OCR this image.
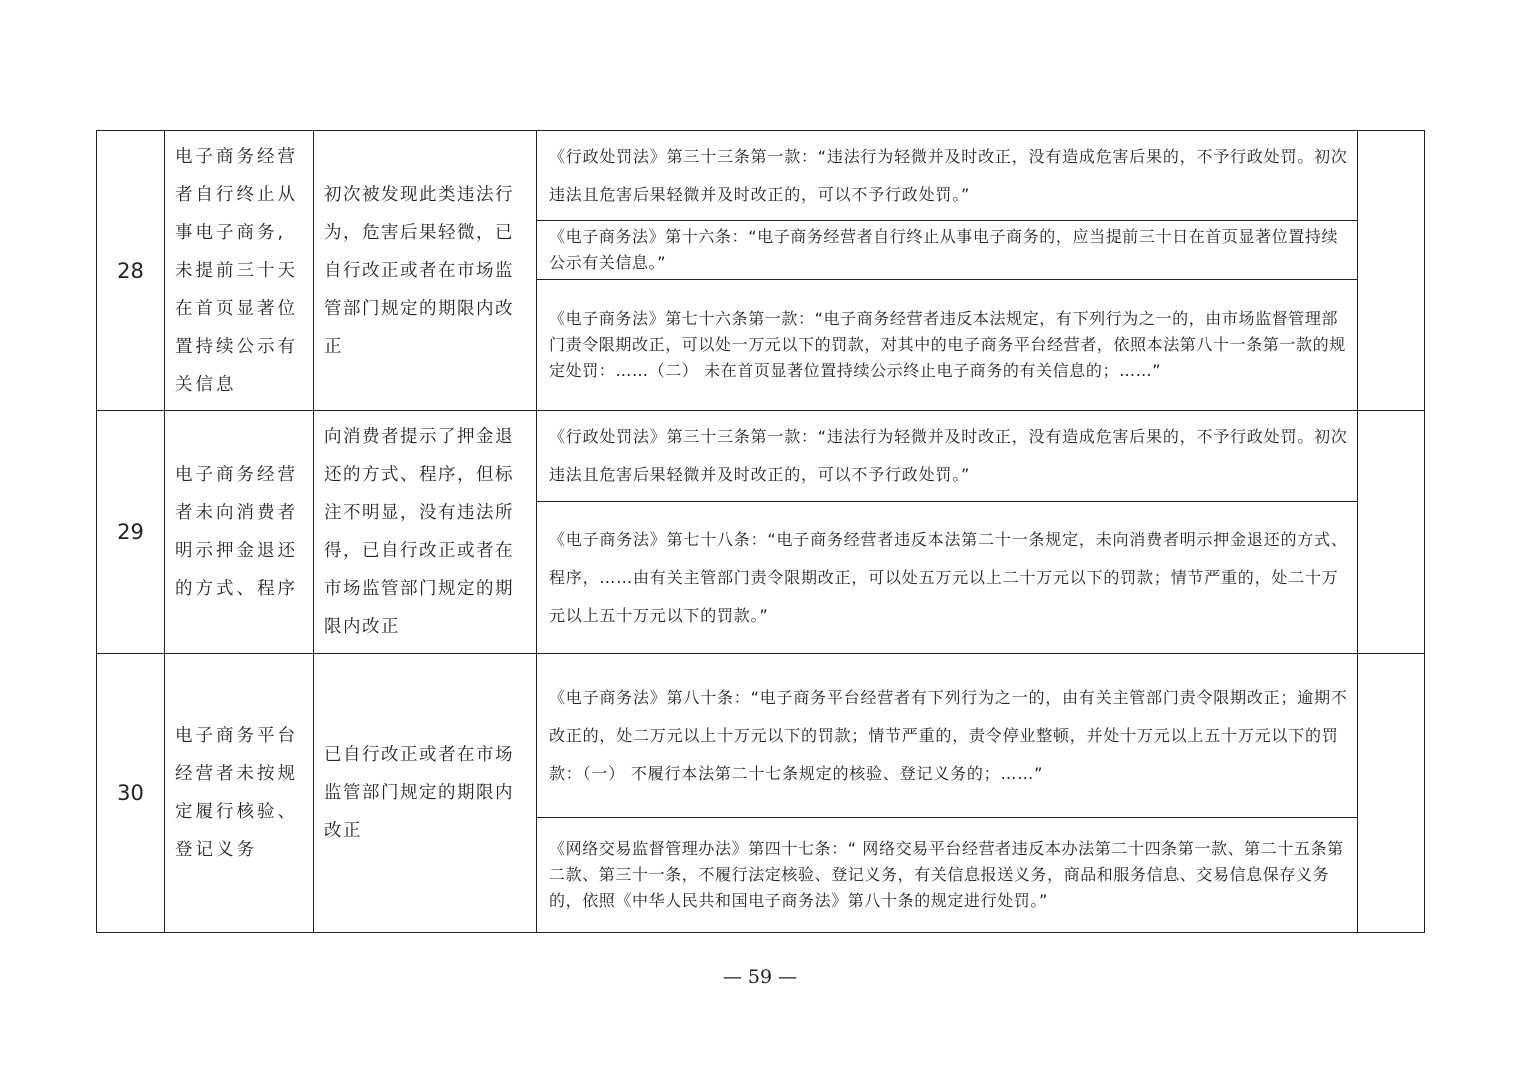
28	电子商务经营者自行终止从事电子商务,未提前三十天在首页显著位置持续公示有关信息	初次被发现此类违法行为，危害后果轻微，已自行改正或者在市场监管部门规定的期限内改正	《行政处罚法》第三十三条第一款：“违法行为轻微并及时改正，没有造成危害后果的，不予行政处罚。初次违法且危害后果轻微并及时改正的，可以不予行政处罚。”	
			《电子商务法》第十六条：“电子商务经营者自行终止从事电子商务的，应当提前三十日在首页显著位置持续公示有关信息。”	
			《电子商务法》第七十六条第一款：“电子商务经营者违反本法规定，有下列行为之一的，由市场监督管理部门责令限期改正，可以处一万元以下的罚款，对其中的电子商务平台经营者，依照本法第八十一条第一款的规定处罚：……（二） 未在首页显著位置持续公示终止电子商务的有关信息的；……”	
29	电子商务经营者未向消费者明示押金退还的方式、程序	向消费者提示了押金退还的方式、程序，但标注不明显，没有违法所得，已自行改正或者在市场监管部门规定的期限内改正	《行政处罚法》第三十三条第一款：“违法行为轻微并及时改正，没有造成危害后果的，不予行政处罚。初次违法且危害后果轻微并及时改正的，可以不予行政处罚。”	
			《电子商务法》第七十八条：“电子商务经营者违反本法第二十一条规定，未向消费者明示押金退还的方式、程序，……由有关主管部门责令限期改正，可以处五万元以上二十万元以下的罚款；情节严重的，处二十万元以上五十万元以下的罚款。”	
30	电子商务平台经营者未按规定履行核验、登记义务	已自行改正或者在市场监管部门规定的期限内改正	《电子商务法》第八十条：“电子商务平台经营者有下列行为之一的，由有关主管部门责令限期改正；逾期不改正的，处二万元以上十万元以下的罚款；情节严重的，责令停业整顿，并处十万元以上五十万元以下的罚款：（一） 不履行本法第二十七条规定的核验、登记义务的；……”	
			《网络交易监督管理办法》第四十七条：“ 网络交易平台经营者违反本办法第二十四条第一款、第二十五条第二款、第三十一条，不履行法定核验、登记义务，有关信息报送义务，商品和服务信息、交易信息保存义务的，依照《中华人民共和国电子商务法》第八十条的规定进行处罚。”	
— 59 —
